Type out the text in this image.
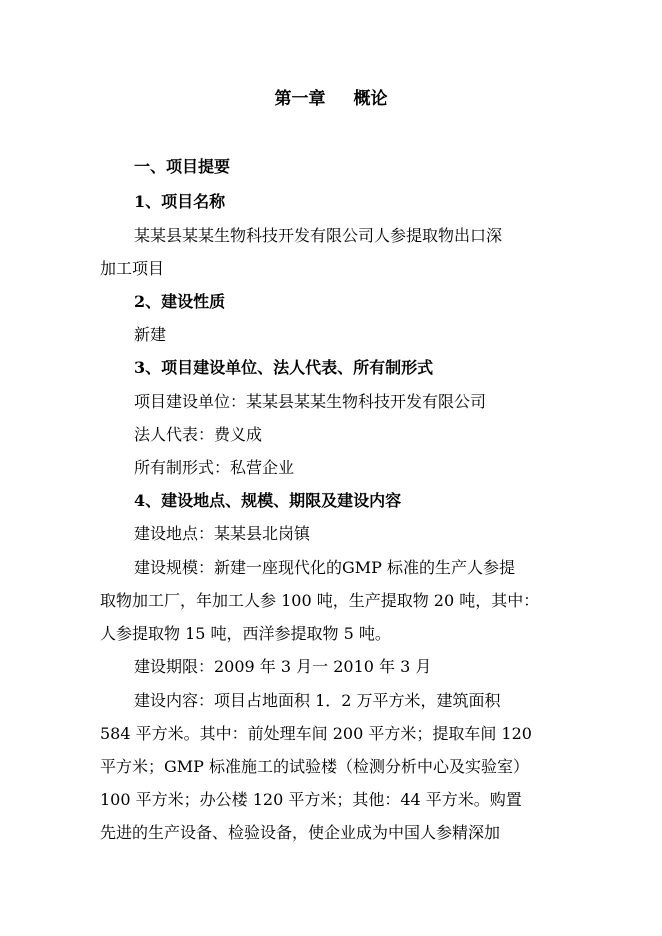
第一章 概论
一、项目提要
1、项目名称
某某县某某生物科技开发有限公司人参提取物出口深
加工项目
2、建设性质
新建
3、项目建设单位、法人代表、所有制形式
项目建设单位：某某县某某生物科技开发有限公司
法人代表：费义成
所有制形式：私营企业
4、建设地点、规模、期限及建设内容
建设地点：某某县北岗镇
建设规模：新建一座现代化的GMP 标准的生产人参提
取物加工厂，年加工人参 100 吨，生产提取物 20 吨，其中：
人参提取物 15 吨，西洋参提取物 5 吨。
建设期限：2009 年 3 月一 2010 年 3 月
建设内容：项目占地面积 1．2 万平方米，建筑面积
584 平方米。其中：前处理车间 200 平方米；提取车间 120
平方米；GMP 标准施工的试验楼（检测分析中心及实验室）
100 平方米；办公楼 120 平方米；其他：44 平方米。购置
先进的生产设备、检验设备，使企业成为中国人参精深加
